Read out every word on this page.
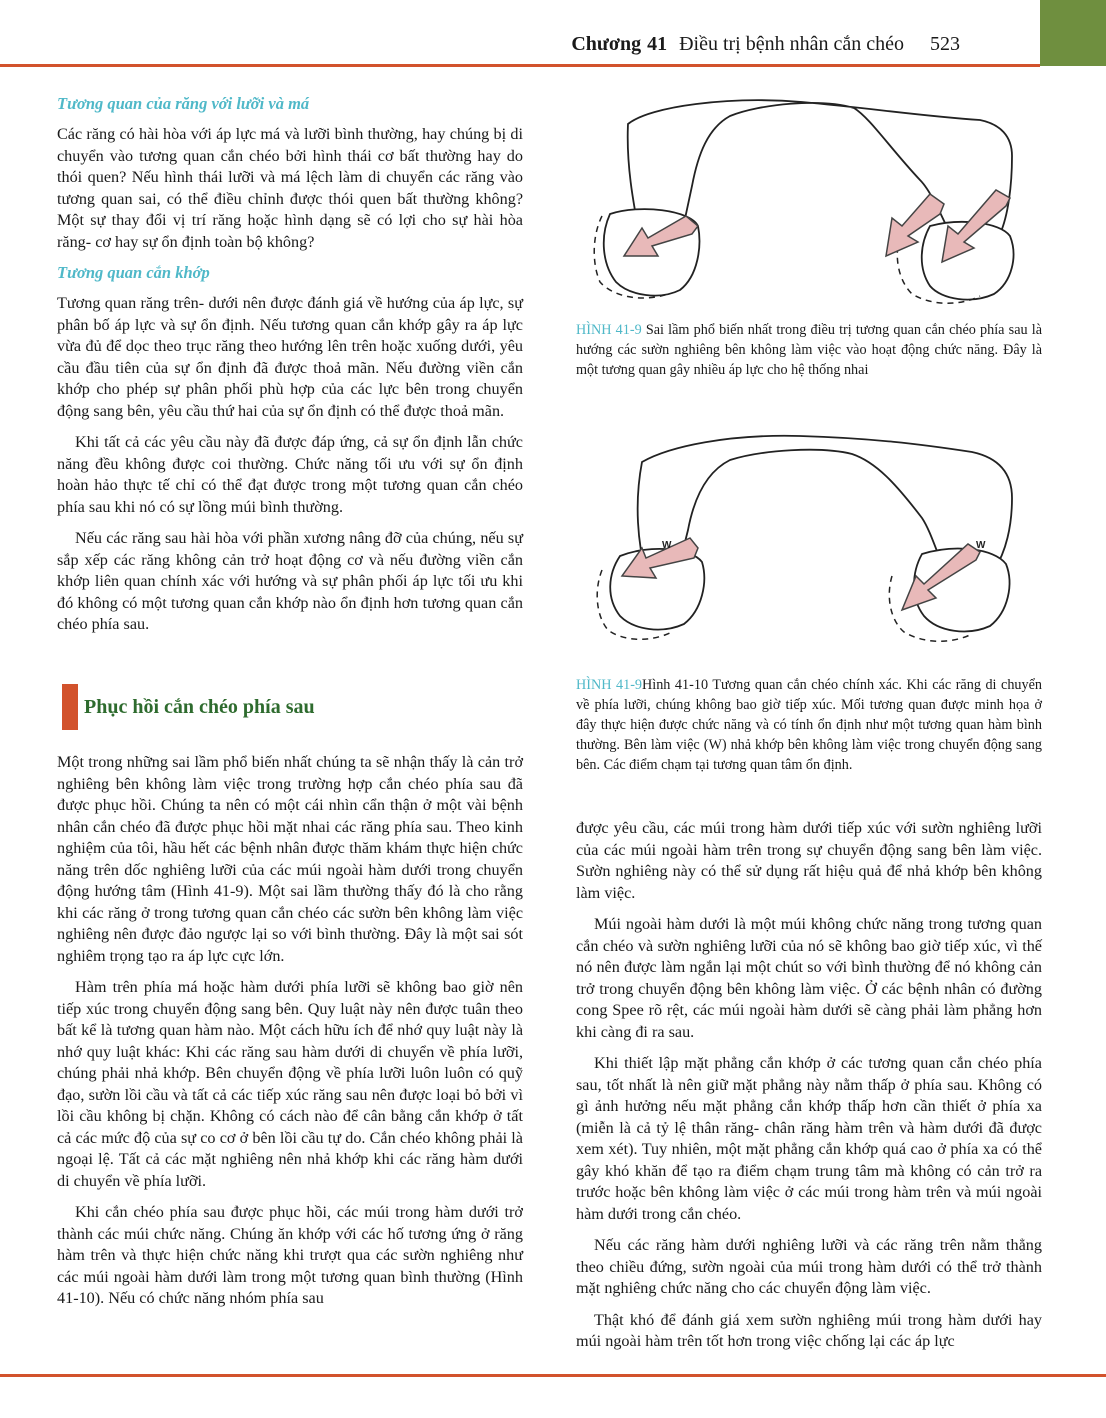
Chương 41 Điều trị bệnh nhân cắn chéo 523
Tương quan của răng với lưỡi và má

Các răng có hài hòa với áp lực má và lưỡi bình thường, hay chúng bị di chuyển vào tương quan cắn chéo bởi hình thái cơ bất thường hay do thói quen? Nếu hình thái lưỡi và má lệch làm di chuyển các răng vào tương quan sai, có thể điều chỉnh được thói quen bất thường không? Một sự thay đổi vị trí răng hoặc hình dạng sẽ có lợi cho sự hài hòa răng- cơ hay sự ổn định toàn bộ không?

Tương quan cắn khớp

Tương quan răng trên- dưới nên được đánh giá về hướng của áp lực, sự phân bố áp lực và sự ổn định. Nếu tương quan cắn khớp gây ra áp lực vừa đủ để dọc theo trục răng theo hướng lên trên hoặc xuống dưới, yêu cầu đầu tiên của sự ổn định đã được thoả mãn. Nếu đường viền cắn khớp cho phép sự phân phối phù hợp của các lực bên trong chuyển động sang bên, yêu cầu thứ hai của sự ổn định có thể được thoả mãn.

Khi tất cả các yêu cầu này đã được đáp ứng, cả sự ổn định lẫn chức năng đều không được coi thường. Chức năng tối ưu với sự ổn định hoàn hảo thực tế chỉ có thể đạt được trong một tương quan cắn chéo phía sau khi nó có sự lồng múi bình thường.

Nếu các răng sau hài hòa với phần xương nâng đỡ của chúng, nếu sự sắp xếp các răng không cản trở hoạt động cơ và nếu đường viền cắn khớp liên quan chính xác với hướng và sự phân phối áp lực tối ưu khi đó không có một tương quan cắn khớp nào ổn định hơn tương quan cắn chéo phía sau.

Phục hồi cắn chéo phía sau

Một trong những sai lầm phổ biến nhất chúng ta sẽ nhận thấy là cản trở nghiêng bên không làm việc trong trường hợp cắn chéo phía sau đã được phục hồi. Chúng ta nên có một cái nhìn cẩn thận ở một vài bệnh nhân cắn chéo đã được phục hồi mặt nhai các răng phía sau. Theo kinh nghiệm của tôi, hầu hết các bệnh nhân được thăm khám thực hiện chức năng trên dốc nghiêng lưỡi của các múi ngoài hàm dưới trong chuyển động hướng tâm (Hình 41-9). Một sai lầm thường thấy đó là cho rằng khi các răng ở trong tương quan cắn chéo các sườn bên không làm việc nghiêng nên được đảo ngược lại so với bình thường. Đây là một sai sót nghiêm trọng tạo ra áp lực cực lớn.

Hàm trên phía má hoặc hàm dưới phía lưỡi sẽ không bao giờ nên tiếp xúc trong chuyển động sang bên. Quy luật này nên được tuân theo bất kể là tương quan hàm nào. Một cách hữu ích để nhớ quy luật này là nhớ quy luật khác: Khi các răng sau hàm dưới di chuyển về phía lưỡi, chúng phải nhả khớp. Bên chuyển động về phía lưỡi luôn luôn có quỹ đạo, sườn lồi cầu và tất cả các tiếp xúc răng sau nên được loại bỏ bởi vì lồi cầu không bị chặn. Không có cách nào để cân bằng cắn khớp ở tất cả các mức độ của sự co cơ ở bên lồi cầu tự do. Cắn chéo không phải là ngoại lệ. Tất cả các mặt nghiêng nên nhả khớp khi các răng hàm dưới di chuyển về phía lưỡi.

Khi cắn chéo phía sau được phục hồi, các múi trong hàm dưới trở thành các múi chức năng. Chúng ăn khớp với các hố tương ứng ở răng hàm trên và thực hiện chức năng khi trượt qua các sườn nghiêng như các múi ngoài hàm dưới làm trong một tương quan bình thường (Hình 41-10). Nếu có chức năng nhóm phía sau

HÌNH 41-9 Sai lầm phổ biến nhất trong điều trị tương quan cắn chéo phía sau là hướng các sườn nghiêng bên không làm việc vào hoạt động chức năng. Đây là một tương quan gây nhiều áp lực cho hệ thống nhai
W	W
HÌNH 41-9Hình 41-10 Tương quan cắn chéo chính xác. Khi các răng di chuyển về phía lưỡi, chúng không bao giờ tiếp xúc. Mối tương quan được minh họa ở đây thực hiện được chức năng và có tính ổn định như một tương quan hàm bình thường. Bên làm việc (W) nhả khớp bên không làm việc trong chuyển động sang bên. Các điểm chạm tại tương quan tâm ổn định.

được yêu cầu, các múi trong hàm dưới tiếp xúc với sườn nghiêng lưỡi của các múi ngoài hàm trên trong sự chuyển động sang bên làm việc. Sườn nghiêng này có thể sử dụng rất hiệu quả để nhả khớp bên không làm việc.

Múi ngoài hàm dưới là một múi không chức năng trong tương quan cắn chéo và sườn nghiêng lưỡi của nó sẽ không bao giờ tiếp xúc, vì thế nó nên được làm ngắn lại một chút so với bình thường để nó không cản trở trong chuyển động bên không làm việc. Ở các bệnh nhân có đường cong Spee rõ rệt, các múi ngoài hàm dưới sẽ càng phải làm phẳng hơn khi càng đi ra sau.

Khi thiết lập mặt phẳng cắn khớp ở các tương quan cắn chéo phía sau, tốt nhất là nên giữ mặt phẳng này nằm thấp ở phía sau. Không có gì ảnh hưởng nếu mặt phẳng cắn khớp thấp hơn cần thiết ở phía xa (miễn là cả tỷ lệ thân răng- chân răng hàm trên và hàm dưới đã được xem xét). Tuy nhiên, một mặt phẳng cắn khớp quá cao ở phía xa có thể gây khó khăn để tạo ra điểm chạm trung tâm mà không có cản trở ra trước hoặc bên không làm việc ở các múi trong hàm trên và múi ngoài hàm dưới trong cắn chéo.

Nếu các răng hàm dưới nghiêng lưỡi và các răng trên nằm thẳng theo chiều đứng, sườn ngoài của múi trong hàm dưới có thể trở thành mặt nghiêng chức năng cho các chuyển động làm việc.

Thật khó để đánh giá xem sườn nghiêng múi trong hàm dưới hay múi ngoài hàm trên tốt hơn trong việc chống lại các áp lực
